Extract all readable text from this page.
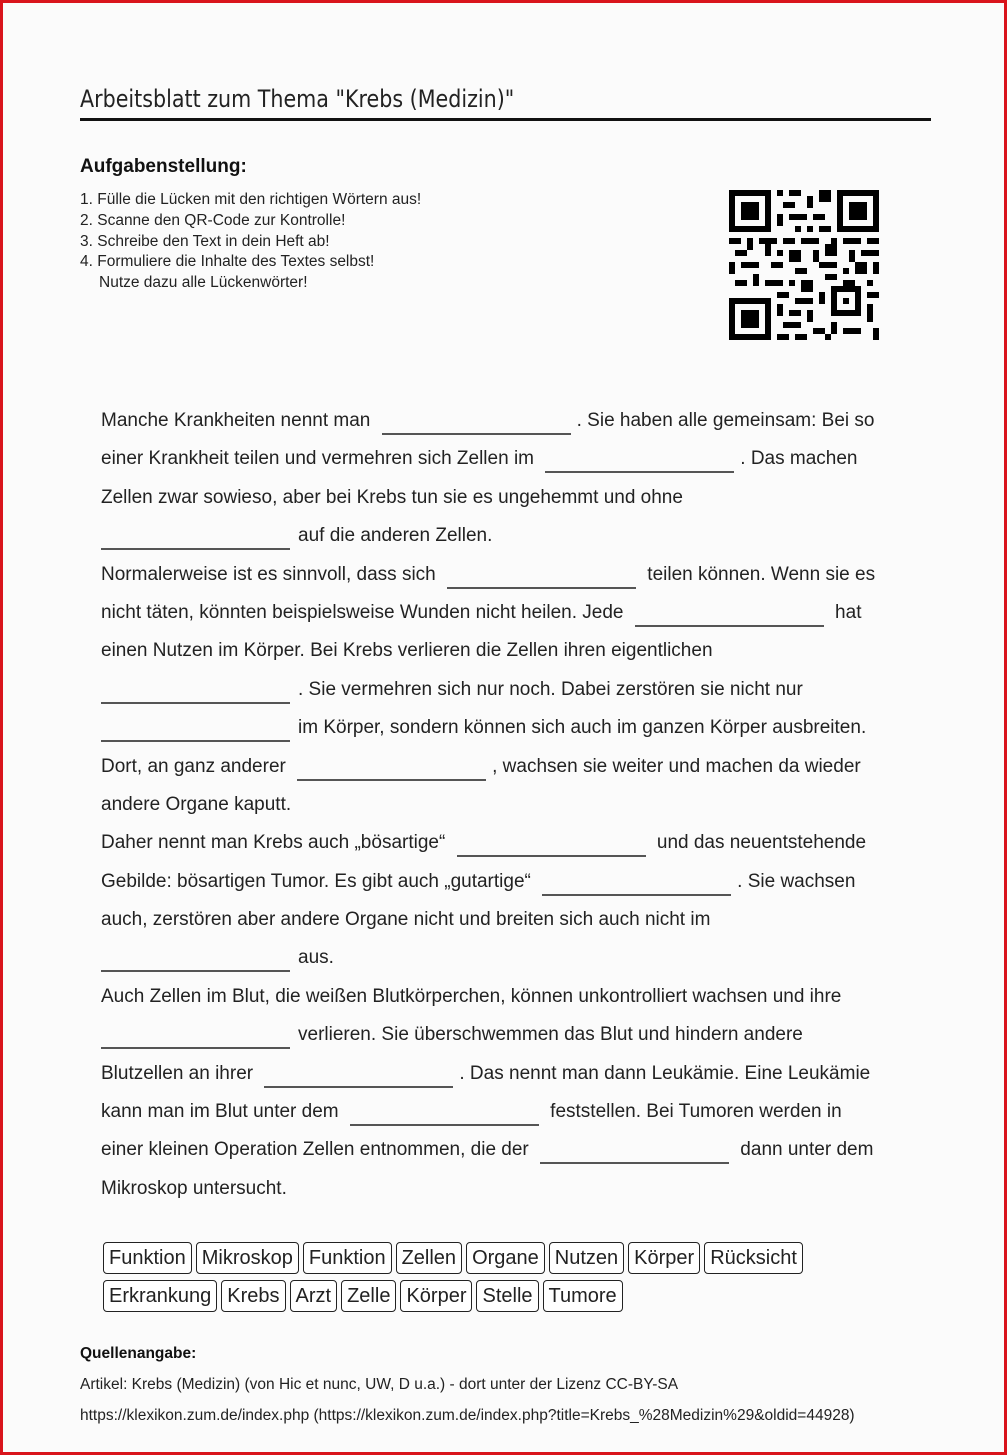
Arbeitsblatt zum Thema "Krebs (Medizin)"
Aufgabenstellung:
1. Fülle die Lücken mit den richtigen Wörtern aus!
2. Scanne den QR-Code zur Kontrolle!
3. Schreibe den Text in dein Heft ab!
4. Formuliere die Inhalte des Textes selbst!
Nutze dazu alle Lückenwörter!
Manche Krankheiten nennt man	. Sie haben alle gemeinsam: Bei so
einer Krankheit teilen und vermehren sich Zellen im	. Das machen
Zellen zwar sowieso, aber bei Krebs tun sie es ungehemmt und ohne
auf die anderen Zellen.
Normalerweise ist es sinnvoll, dass sich	teilen können. Wenn sie es
nicht täten, könnten beispielsweise Wunden nicht heilen. Jede	hat
einen Nutzen im Körper. Bei Krebs verlieren die Zellen ihren eigentlichen
. Sie vermehren sich nur noch. Dabei zerstören sie nicht nur
im Körper, sondern können sich auch im ganzen Körper ausbreiten.
Dort, an ganz anderer	, wachsen sie weiter und machen da wieder
andere Organe kaputt.
Daher nennt man Krebs auch „bösartige“	und das neuentstehende
Gebilde: bösartigen Tumor. Es gibt auch „gutartige“	. Sie wachsen
auch, zerstören aber andere Organe nicht und breiten sich auch nicht im
aus.
Auch Zellen im Blut, die weißen Blutkörperchen, können unkontrolliert wachsen und ihre
verlieren. Sie überschwemmen das Blut und hindern andere
Blutzellen an ihrer	. Das nennt man dann Leukämie. Eine Leukämie
kann man im Blut unter dem	feststellen. Bei Tumoren werden in
einer kleinen Operation Zellen entnommen, die der	dann unter dem
Mikroskop untersucht.
Funktion Mikroskop Funktion Zellen Organe Nutzen Körper Rücksicht
Erkrankung Krebs Arzt Zelle Körper Stelle Tumore
Quellenangabe:
Artikel: Krebs (Medizin) (von Hic et nunc, UW, D u.a.) - dort unter der Lizenz CC-BY-SA
https://klexikon.zum.de/index.php (https://klexikon.zum.de/index.php?title=Krebs_%28Medizin%29&oldid=44928)
